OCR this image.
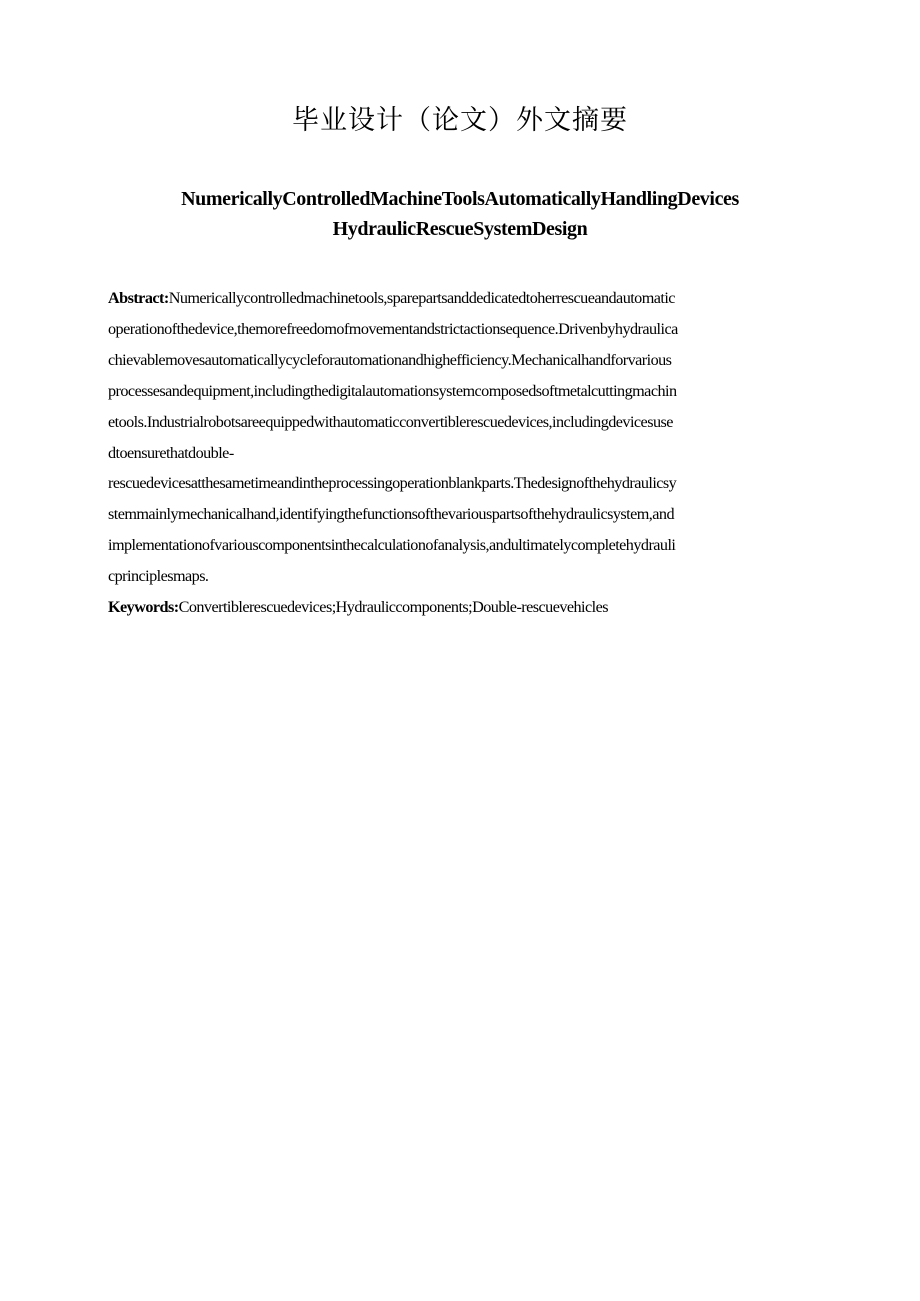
毕业设计（论文）外文摘要
NumericallyControlledMachineToolsAutomaticallyHandlingDevices
HydraulicRescueSystemDesign
Abstract:Numericallycontrolledmachinetools,sparepartsanddedicatedtoherrescueandautomatic
operationofthedevice,themorefreedomofmovementandstrictactionsequence.Drivenbyhydraulica
chievablemovesautomaticallycycleforautomationandhighefficiency.Mechanicalhandforvarious
processesandequipment,includingthedigitalautomationsystemcomposedsoftmetalcuttingmachin
etools.Industrialrobotsareequippedwithautomaticconvertiblerescuedevices,includingdevicesuse
dtoensurethatdouble-
rescuedevicesatthesametimeandintheprocessingoperationblankparts.Thedesignofthehydraulicsy
stemmainlymechanicalhand,identifyingthefunctionsofthevariouspartsofthehydraulicsystem,and
implementationofvariouscomponentsinthecalculationofanalysis,andultimatelycompletehydrauli
cprinciplesmaps.
Keywords:Convertiblerescuedevices;Hydrauliccomponents;Double-rescuevehicles
